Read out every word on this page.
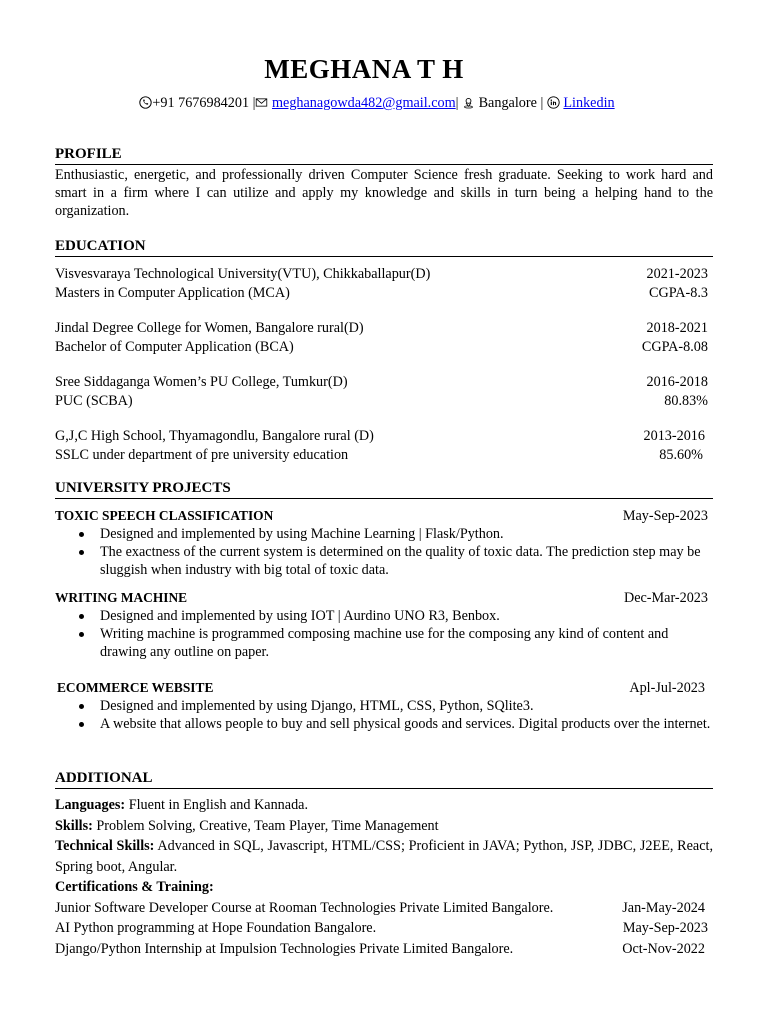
MEGHANA T H
+91 7676984201 | meghanagowda482@gmail.com|  Bangalore |  Linkedin
PROFILE
Enthusiastic, energetic, and professionally driven Computer Science fresh graduate. Seeking to work hard and smart in a firm where I can utilize and apply my knowledge and skills in turn being a helping hand to the organization.
EDUCATION
Visvesvaraya Technological University(VTU), Chikkaballapur(D)	2021-2023
Masters in Computer Application (MCA)	CGPA-8.3
Jindal Degree College for Women, Bangalore rural(D)	2018-2021
Bachelor of Computer Application (BCA)	CGPA-8.08
Sree Siddaganga Women’s PU College, Tumkur(D)	2016-2018
PUC (SCBA)	80.83%
G,J,C High School, Thyamagondlu, Bangalore rural (D)	2013-2016
SSLC under department of pre university education	85.60%
UNIVERSITY PROJECTS
TOXIC SPEECH CLASSIFICATION	May-Sep-2023
Designed and implemented by using Machine Learning | Flask/Python.
The exactness of the current system is determined on the quality of toxic data. The prediction step may be sluggish when industry with big total of toxic data.
WRITING MACHINE	Dec-Mar-2023
Designed and implemented by using IOT | Aurdino UNO R3, Benbox.
Writing machine is programmed composing machine use for the composing any kind of content and drawing any outline on paper.
ECOMMERCE WEBSITE	Apl-Jul-2023
Designed and implemented by using Django, HTML, CSS, Python, SQlite3.
A website that allows people to buy and sell physical goods and services. Digital products over the internet.
ADDITIONAL
Languages: Fluent in English and Kannada.
Skills: Problem Solving, Creative, Team Player, Time Management
Technical Skills: Advanced in SQL, Javascript, HTML/CSS; Proficient in JAVA; Python, JSP, JDBC, J2EE, React, Spring boot, Angular.
Certifications & Training:
Junior Software Developer Course at Rooman Technologies Private Limited Bangalore.	Jan-May-2024
AI Python programming at Hope Foundation Bangalore.	May-Sep-2023
Django/Python Internship at Impulsion Technologies Private Limited Bangalore.	Oct-Nov-2022
